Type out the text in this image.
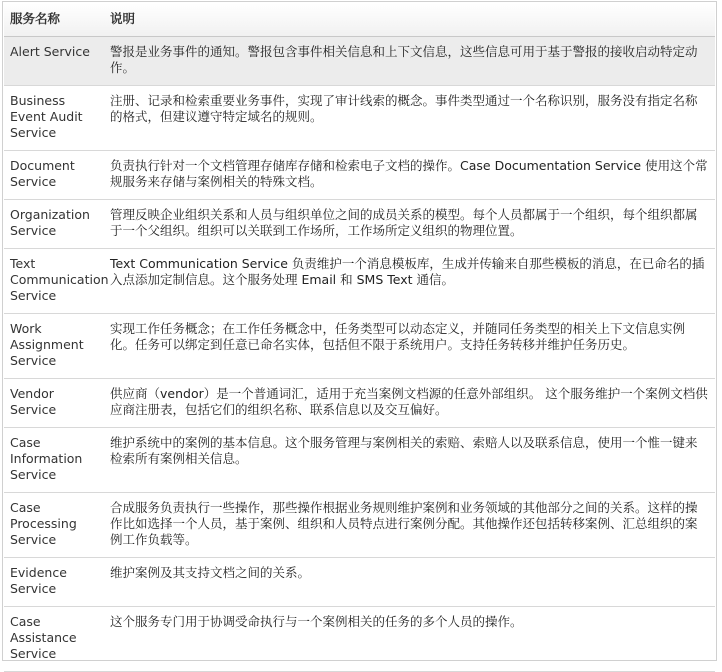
服务名称	说明
Alert Service	警报是业务事件的通知。警报包含事件相关信息和上下文信息，这些信息可用于基于警报的接收启动特定动作。
Business Event Audit Service	注册、记录和检索重要业务事件，实现了审计线索的概念。事件类型通过一个名称识别，服务没有指定名称的格式，但建议遵守特定域名的规则。
Document Service	负责执行针对一个文档管理存储库存储和检索电子文档的操作。Case Documentation Service 使用这个常规服务来存储与案例相关的特殊文档。
Organization Service	管理反映企业组织关系和人员与组织单位之间的成员关系的模型。每个人员都属于一个组织，每个组织都属于一个父组织。组织可以关联到工作场所，工作场所定义组织的物理位置。
Text Communication Service	Text Communication Service 负责维护一个消息模板库，生成并传输来自那些模板的消息，在已命名的插入点添加定制信息。这个服务处理 Email 和 SMS Text 通信。
Work Assignment Service	实现工作任务概念；在工作任务概念中，任务类型可以动态定义，并随同任务类型的相关上下文信息实例化。任务可以绑定到任意已命名实体，包括但不限于系统用户。支持任务转移并维护任务历史。
Vendor Service	供应商（vendor）是一个普通词汇，适用于充当案例文档源的任意外部组织。 这个服务维护一个案例文档供应商注册表，包括它们的组织名称、联系信息以及交互偏好。
Case Information Service	维护系统中的案例的基本信息。这个服务管理与案例相关的索赔、索赔人以及联系信息，使用一个惟一键来检索所有案例相关信息。
Case Processing Service	合成服务负责执行一些操作，那些操作根据业务规则维护案例和业务领域的其他部分之间的关系。这样的操作比如选择一个人员，基于案例、组织和人员特点进行案例分配。其他操作还包括转移案例、汇总组织的案例工作负载等。
Evidence Service	维护案例及其支持文档之间的关系。
Case Assistance Service	这个服务专门用于协调受命执行与一个案例相关的任务的多个人员的操作。
